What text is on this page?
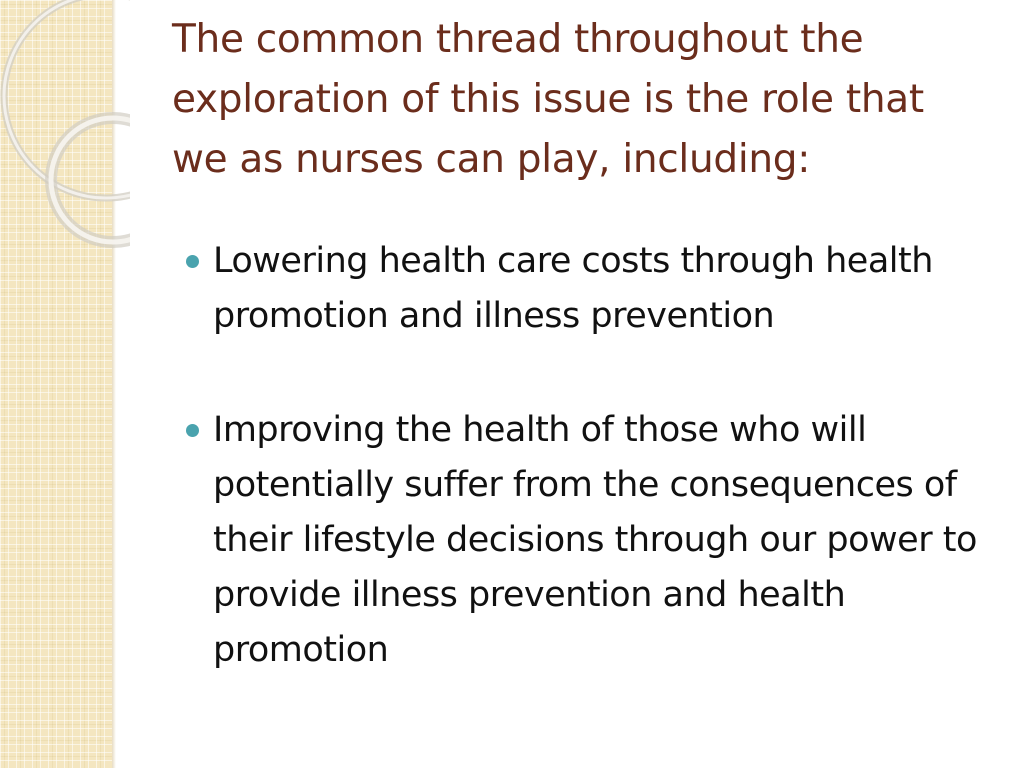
The common thread throughout the exploration of this issue is the role that we as nurses can play, including:
Lowering health care costs through health promotion and illness prevention
Improving the health of those who will potentially suffer from the consequences of their lifestyle decisions through our power to provide illness prevention and health promotion
